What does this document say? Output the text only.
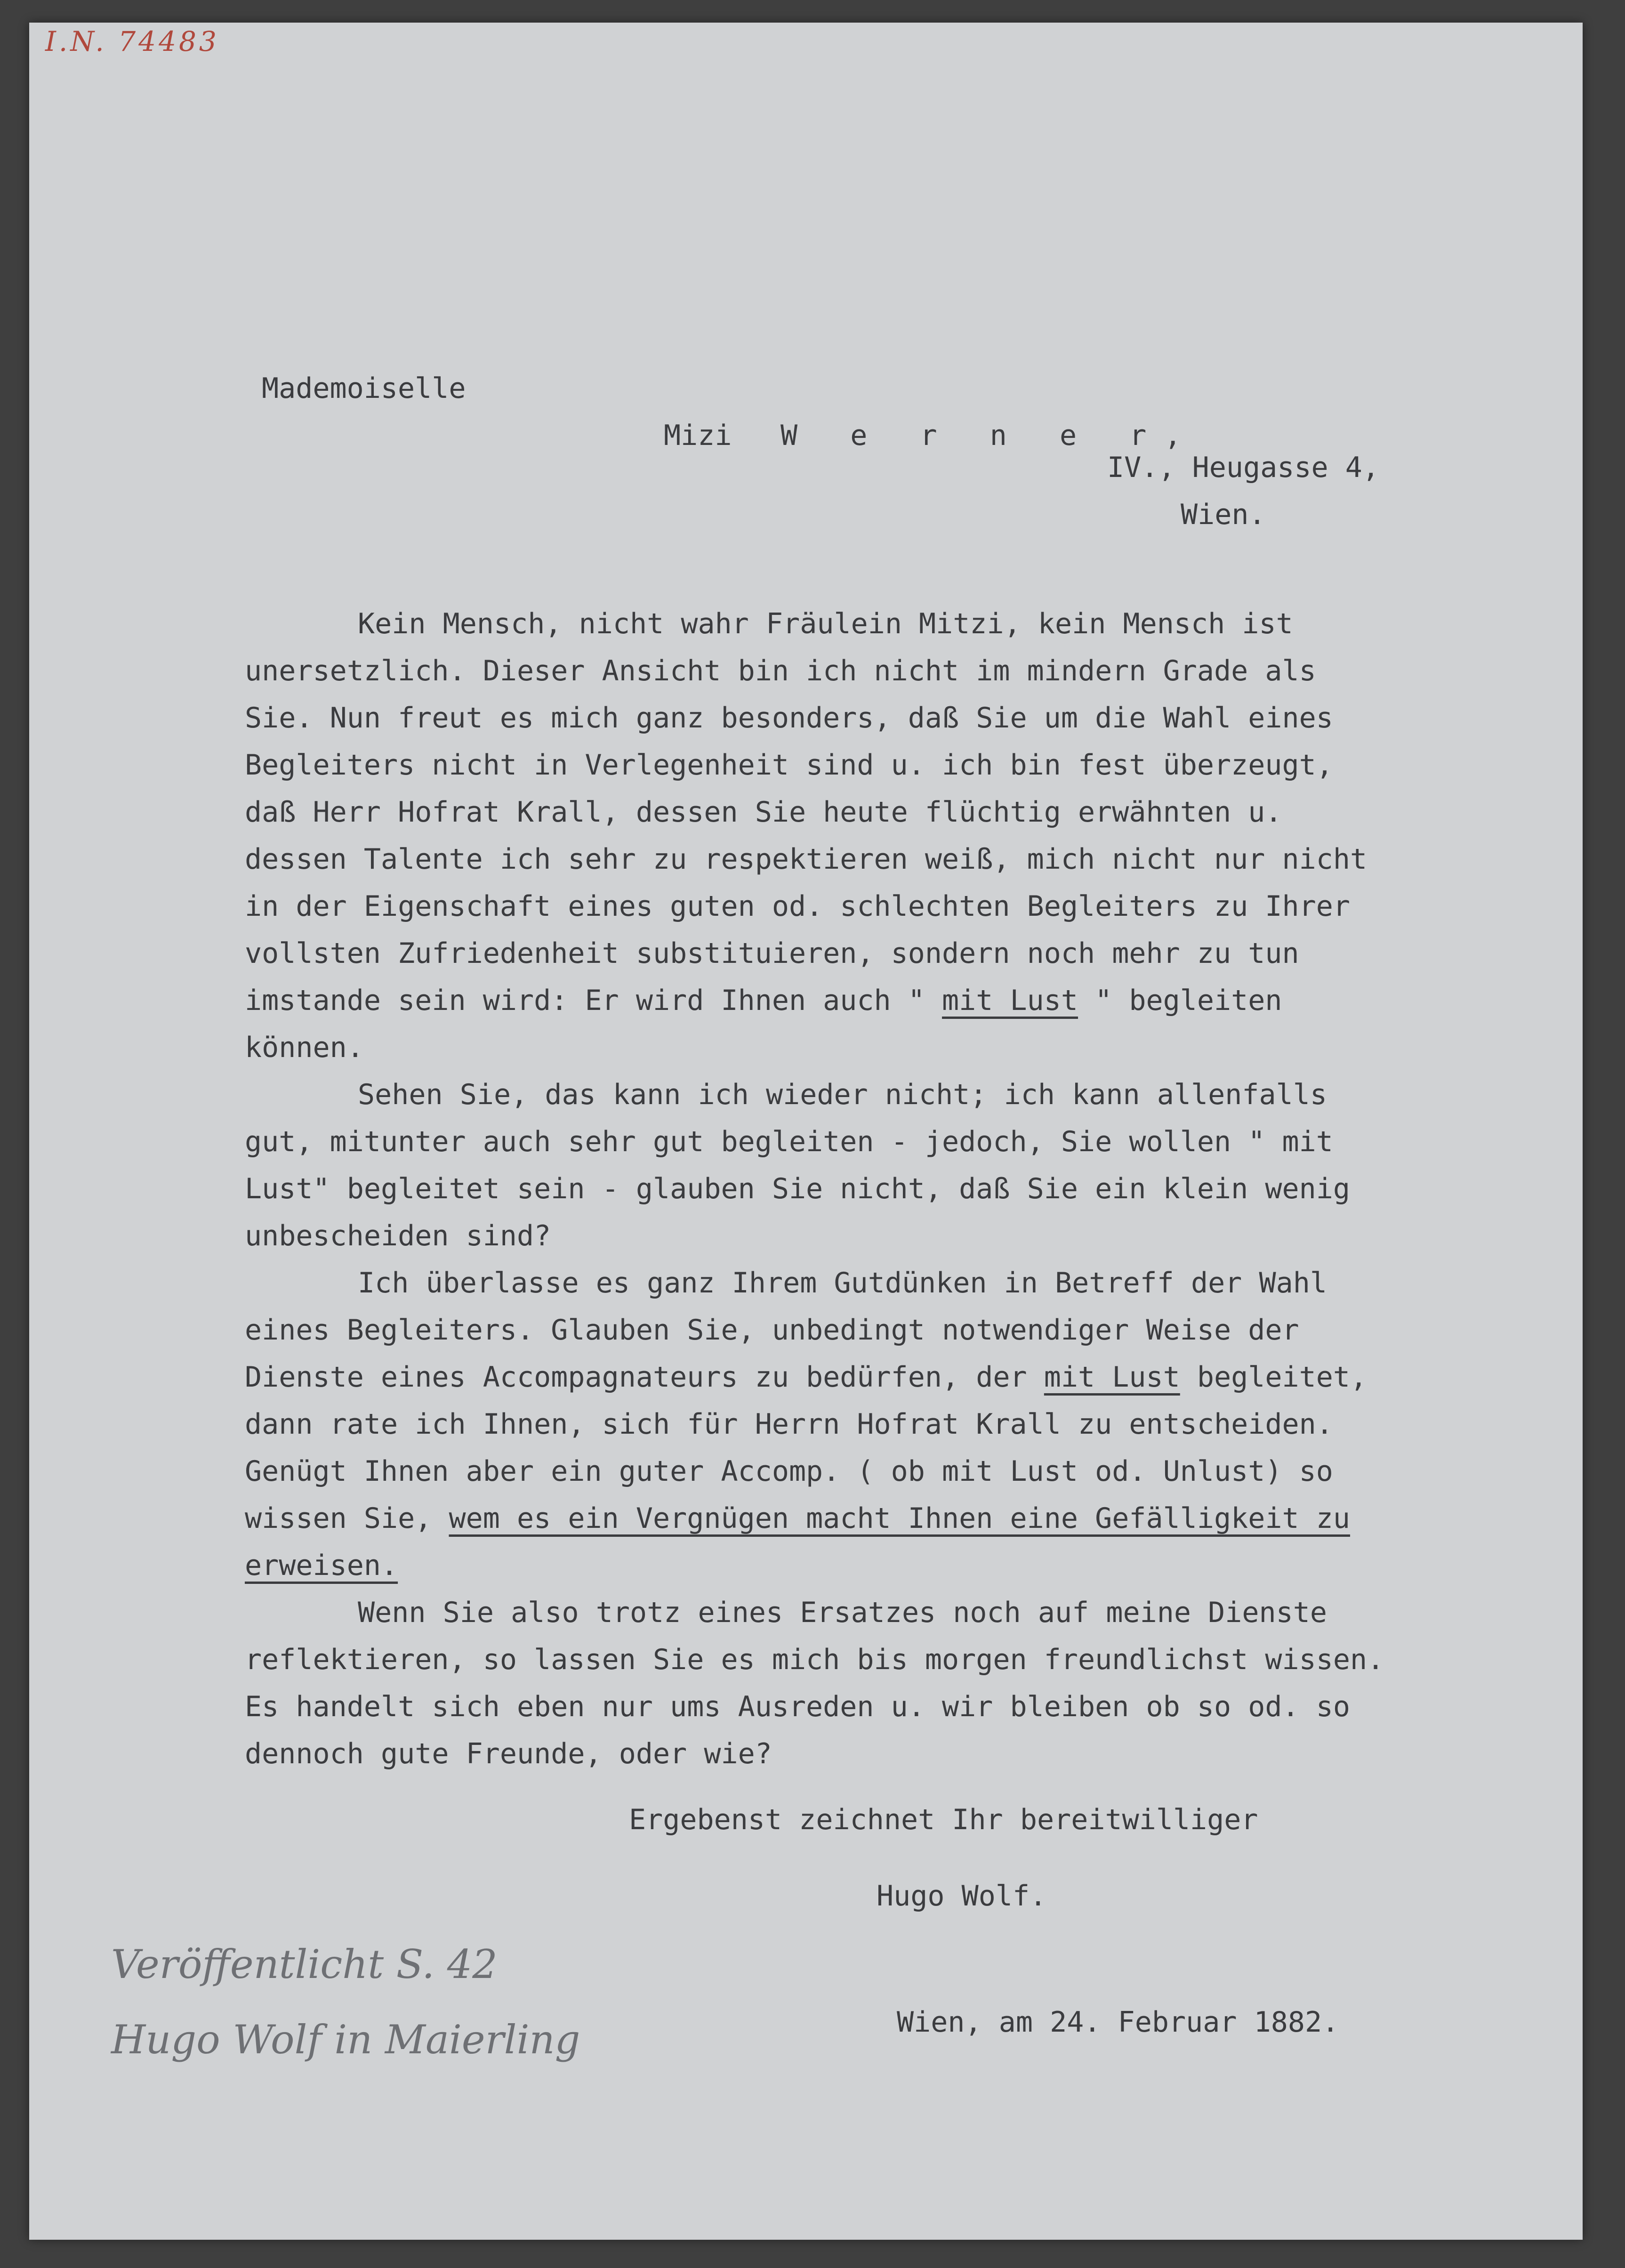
I.N. 74483

Mademoiselle

Mizi W e r n e r,

IV., Heugasse 4,

Wien.

Kein Mensch, nicht wahr Fräulein Mitzi, kein Mensch ist

unersetzlich. Dieser Ansicht bin ich nicht im mindern Grade als

Sie. Nun freut es mich ganz besonders, daß Sie um die Wahl eines

Begleiters nicht in Verlegenheit sind u. ich bin fest überzeugt,

daß Herr Hofrat Krall, dessen Sie heute flüchtig erwähnten u.

dessen Talente ich sehr zu respektieren weiß, mich nicht nur nicht

in der Eigenschaft eines guten od. schlechten Begleiters zu Ihrer

vollsten Zufriedenheit substituieren, sondern noch mehr zu tun

imstande sein wird: Er wird Ihnen auch " mit Lust " begleiten

können.

Sehen Sie, das kann ich wieder nicht; ich kann allenfalls

gut, mitunter auch sehr gut begleiten - jedoch, Sie wollen " mit

Lust" begleitet sein - glauben Sie nicht, daß Sie ein klein wenig

unbescheiden sind?

Ich überlasse es ganz Ihrem Gutdünken in Betreff der Wahl

eines Begleiters. Glauben Sie, unbedingt notwendiger Weise der

Dienste eines Accompagnateurs zu bedürfen, der mit Lust begleitet,

dann rate ich Ihnen, sich für Herrn Hofrat Krall zu entscheiden.

Genügt Ihnen aber ein guter Accomp. ( ob mit Lust od. Unlust) so

wissen Sie, wem es ein Vergnügen macht Ihnen eine Gefälligkeit zu

erweisen.

Wenn Sie also trotz eines Ersatzes noch auf meine Dienste

reflektieren, so lassen Sie es mich bis morgen freundlichst wissen.

Es handelt sich eben nur ums Ausreden u. wir bleiben ob so od. so

dennoch gute Freunde, oder wie?

Ergebenst zeichnet Ihr bereitwilliger

Hugo Wolf.

Wien, am 24. Februar 1882.

Veröffentlicht S. 42
Hugo Wolf in Maierling
